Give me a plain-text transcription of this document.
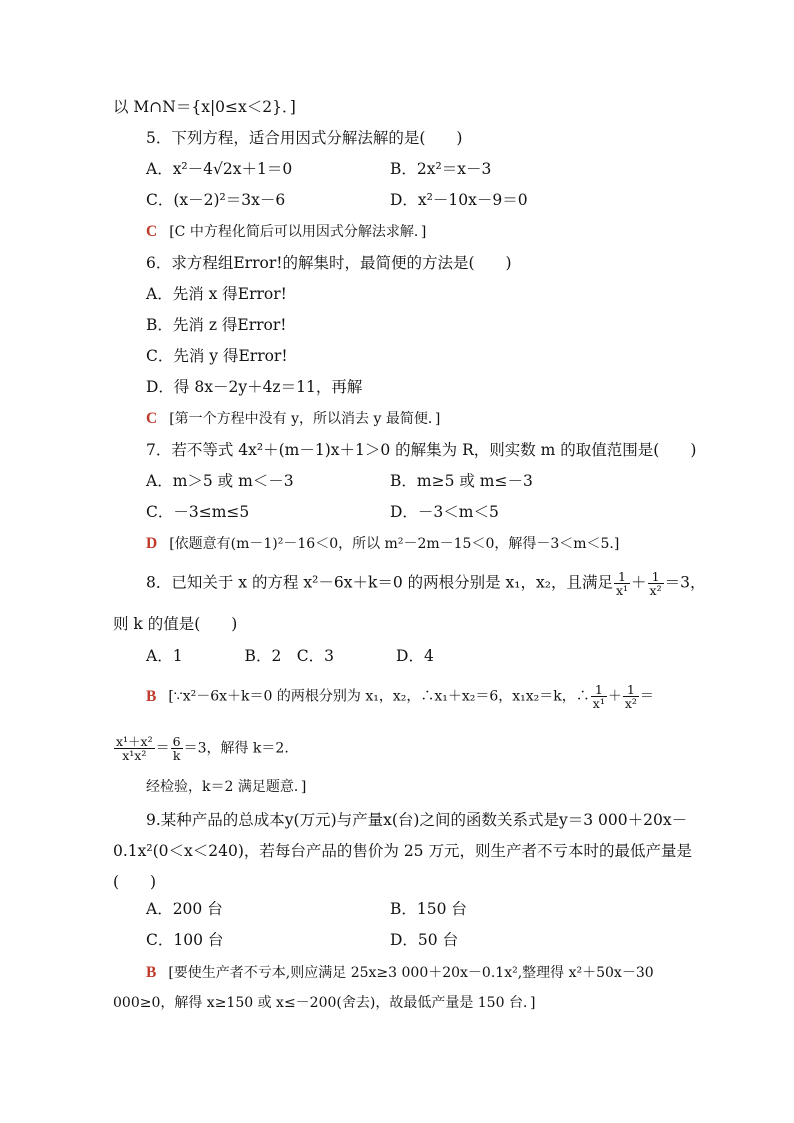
以 M∩N＝{x|0≤x＜2}．]
5．下列方程，适合用因式分解法解的是(　　)
A．x²－4√2x＋1＝0	B．2x²＝x－3
C．(x－2)²＝3x－6	D．x²－10x－9＝0
C [C 中方程化简后可以用因式分解法求解．]
6．求方程组Error!的解集时，最简便的方法是(　　)
A．先消 x 得Error!
B．先消 z 得Error!
C．先消 y 得Error!
D．得 8x－2y＋4z＝11，再解
C [第一个方程中没有 y，所以消去 y 最简便．]
7．若不等式 4x²＋(m－1)x＋1＞0 的解集为 R，则实数 m 的取值范围是(　　)
A．m＞5 或 m＜－3	B．m≥5 或 m≤－3
C．－3≤m≤5	D．－3＜m＜5
D [依题意有(m－1)²－16＜0，所以 m²－2m－15＜0，解得－3＜m＜5.]
8．已知关于 x 的方程 x²－6x＋k＝0 的两根分别是 x₁，x₂，且满足 $\frac{1}{\text{x¹}} + \frac{1}{\text{x²}} =3$，
则 k 的值是(　　)
A．1　　　　B．2　C．3　　　　D．4
B [∵x²－6x＋k＝0 的两根分别为 x₁，x₂，∴x₁＋x₂＝6，x₁x₂＝k，∴ $\frac{1}{\text{x¹}} + \frac{1}{\text{x²}}$ ＝
$\frac{\text{x¹＋x²}}{\text{x¹x²}} = \frac{6}{k} =3$，解得 k＝2.
经检验，k＝2 满足题意．]
9.某种产品的总成本y(万元)与产量x(台)之间的函数关系式是y＝3 000＋20x－
0.1x²(0＜x＜240)，若每台产品的售价为 25 万元，则生产者不亏本时的最低产量是
(　　)
A．200 台	B．150 台
C．100 台	D．50 台
B [要使生产者不亏本,则应满足 25x≥3 000＋20x－0.1x²,整理得 x²＋50x－30
000≥0，解得 x≥150 或 x≤－200(舍去)，故最低产量是 150 台．]
